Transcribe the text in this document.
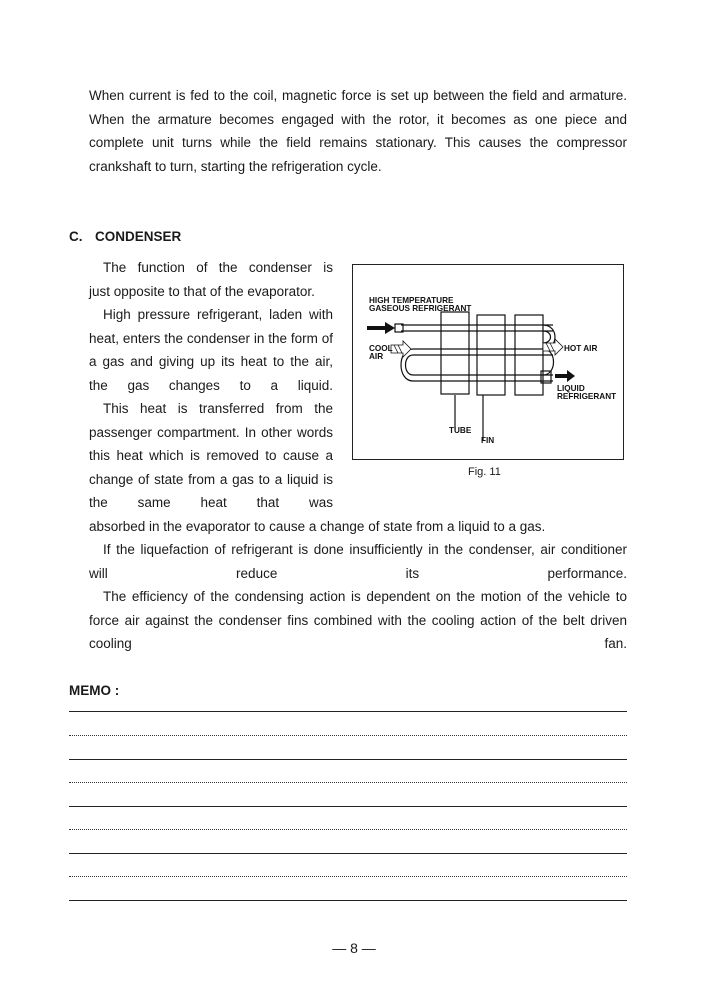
When current is fed to the coil, magnetic force is set up between the field and armature. When the armature becomes engaged with the rotor, it becomes as one piece and complete unit turns while the field remains stationary. This causes the compressor crankshaft to turn, starting the refrigeration cycle.

C. CONDENSER

The function of the condenser is

just opposite to that of the evaporator.

High pressure refrigerant, laden with heat, enters the condenser in the form of a gas and giving up its heat to the air, the gas changes to a liquid.

This heat is transferred from the passenger compartment. In other words this heat which is removed to cause a change of state from a gas to a liquid is the same heat that was

absorbed in the evaporator to cause a change of state from a liquid to a gas.

If the liquefaction of refrigerant is done insufficiently in the condenser, air conditioner will reduce its performance.

The efficiency of the condensing action is dependent on the motion of the vehicle to force air against the condenser fins combined with the cooling action of the belt driven cooling fan.

HIGH TEMPERATURE
GASEOUS REFRIGERANT
COOL
AIR
HOT AIR
LIQUID
REFRIGERANT
TUBE
FIN

Fig. 11

MEMO :

— 8 —
